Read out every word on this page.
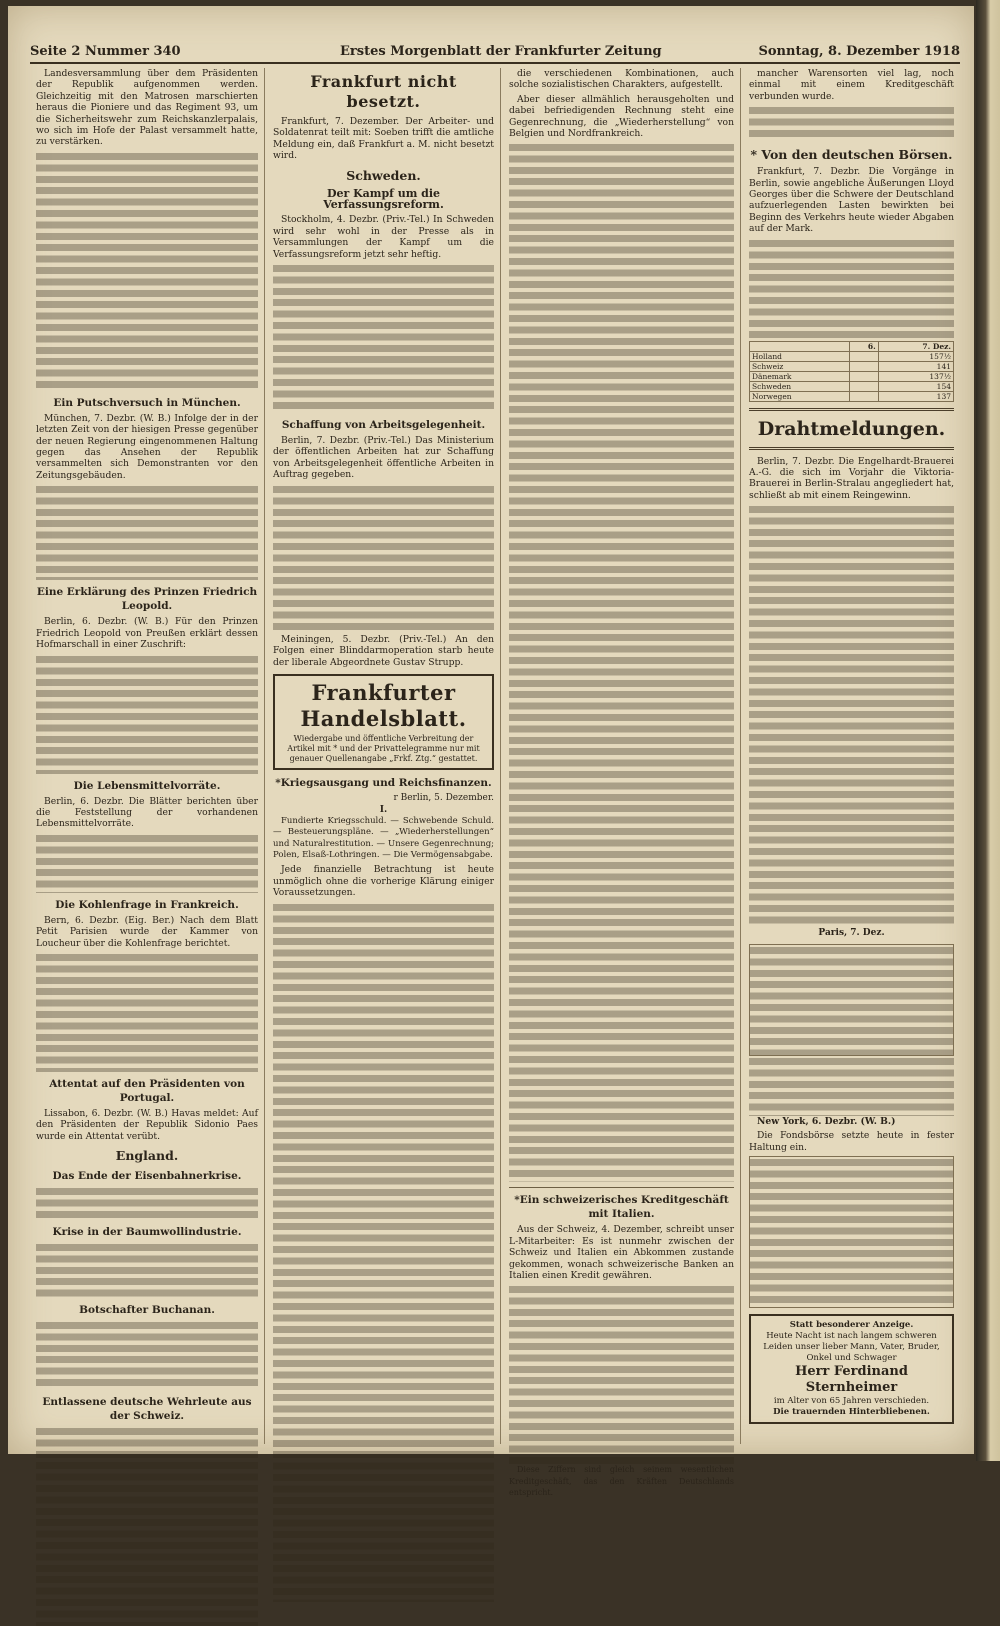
Seite 2 Nummer 340	Erstes Morgenblatt der Frankfurter Zeitung	Sonntag, 8. Dezember 1918

Landesversammlung über dem Präsidenten der Republik aufgenommen werden. Gleichzeitig mit den Matrosen marschierten heraus die Pioniere und das Regiment 93, um die Sicherheitswehr zum Reichskanzlerpalais, wo sich im Hofe der Palast versammelt hatte, zu verstärken.

Ein Putschversuch in München.

München, 7. Dezbr. (W. B.) Infolge der in der letzten Zeit von der hiesigen Presse gegenüber der neuen Regierung eingenommenen Haltung gegen das Ansehen der Republik versammelten sich Demonstranten vor den Zeitungsgebäuden.

Eine Erklärung des Prinzen Friedrich Leopold.

Berlin, 6. Dezbr. (W. B.) Für den Prinzen Friedrich Leopold von Preußen erklärt dessen Hofmarschall in einer Zuschrift:

Die Lebensmittelvorräte.

Berlin, 6. Dezbr. Die Blätter berichten über die Feststellung der vorhandenen Lebensmittelvorräte.

Die Kohlenfrage in Frankreich.

Bern, 6. Dezbr. (Eig. Ber.) Nach dem Blatt Petit Parisien wurde der Kammer von Loucheur über die Kohlenfrage berichtet.

Attentat auf den Präsidenten von Portugal.

Lissabon, 6. Dezbr. (W. B.) Havas meldet: Auf den Präsidenten der Republik Sidonio Paes wurde ein Attentat verübt.

England.
Das Ende der Eisenbahnerkrise.
Krise in der Baumwollindustrie.
Botschafter Buchanan.
Entlassene deutsche Wehrleute aus der Schweiz.
Frankfurt nicht besetzt.

Frankfurt, 7. Dezember. Der Arbeiter- und Soldatenrat teilt mit: Soeben trifft die amtliche Meldung ein, daß Frankfurt a. M. nicht besetzt wird.

Schweden.
Der Kampf um die Verfassungsreform.

Stockholm, 4. Dezbr. (Priv.-Tel.) In Schweden wird sehr wohl in der Presse als in Versammlungen der Kampf um die Verfassungsreform jetzt sehr heftig.

Schaffung von Arbeitsgelegenheit.

Berlin, 7. Dezbr. (Priv.-Tel.) Das Ministerium der öffentlichen Arbeiten hat zur Schaffung von Arbeitsgelegenheit öffentliche Arbeiten in Auftrag gegeben.

Meiningen, 5. Dezbr. (Priv.-Tel.) An den Folgen einer Blinddarmoperation starb heute der liberale Abgeordnete Gustav Strupp.

Frankfurter Handelsblatt.
Wiedergabe und öffentliche Verbreitung der Artikel mit * und der Privattelegramme nur mit genauer Quellenangabe „Frkf. Ztg.“ gestattet.
*Kriegsausgang und Reichsfinanzen.
r Berlin, 5. Dezember.
I.

Fundierte Kriegsschuld. — Schwebende Schuld. — Besteuerungspläne. — „Wiederherstellungen“ und Naturalrestitution. — Unsere Gegenrechnung; Polen, Elsaß-Lothringen. — Die Vermögensabgabe.

Jede finanzielle Betrachtung ist heute unmöglich ohne die vorherige Klärung einiger Voraussetzungen.

die verschiedenen Kombinationen, auch solche sozialistischen Charakters, aufgestellt.

Aber dieser allmählich herausgeholten und dabei befriedigenden Rechnung steht eine Gegenrechnung, die „Wiederherstellung“ von Belgien und Nordfrankreich.

*Ein schweizerisches Kreditgeschäft mit Italien.

Aus der Schweiz, 4. Dezember, schreibt unser L-Mitarbeiter: Es ist nunmehr zwischen der Schweiz und Italien ein Abkommen zustande gekommen, wonach schweizerische Banken an Italien einen Kredit gewähren.

Diese Ziffern sind gleich seinem wesentlichen Kreditgeschäft, das den Kräften Deutschlands entspricht.

mancher Warensorten viel lag, noch einmal mit einem Kreditgeschäft verbunden wurde.

* Von den deutschen Börsen.

Frankfurt, 7. Dezbr. Die Vorgänge in Berlin, sowie angebliche Äußerungen Lloyd Georges über die Schwere der Deutschland aufzuerlegenden Lasten bewirkten bei Beginn des Verkehrs heute wieder Abgaben auf der Mark.

	6.	7. Dez.
Holland		157½
Schweiz		141
Dänemark		137½
Schweden		154
Norwegen		137
Drahtmeldungen.

Berlin, 7. Dezbr. Die Engelhardt-Brauerei A.-G. die sich im Vorjahr die Viktoria-Brauerei in Berlin-Stralau angegliedert hat, schließt ab mit einem Reingewinn.

Paris, 7. Dez.

New York, 6. Dezbr. (W. B.)

Die Fondsbörse setzte heute in fester Haltung ein.

Statt besonderer Anzeige.
Heute Nacht ist nach langem schweren Leiden unser lieber Mann, Vater, Bruder, Onkel und Schwager
Herr Ferdinand Sternheimer
im Alter von 65 Jahren verschieden.
Die trauernden Hinterbliebenen.
